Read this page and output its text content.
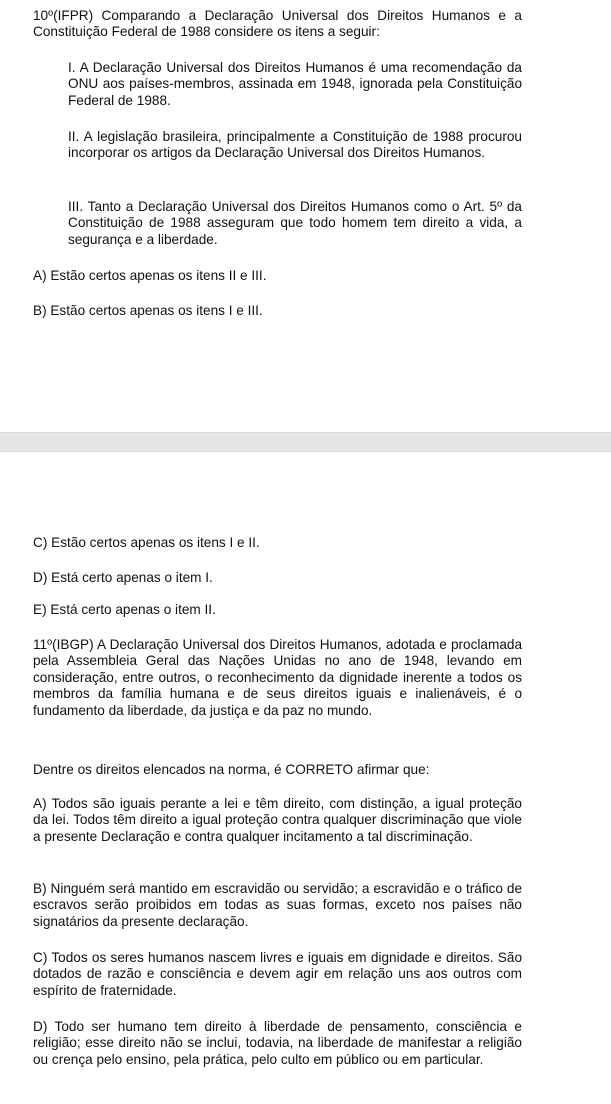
10º(IFPR) Comparando a Declaração Universal dos Direitos Humanos e a Constituição Federal de 1988 considere os itens a seguir:

I. A Declaração Universal dos Direitos Humanos é uma recomendação da ONU aos países-membros, assinada em 1948, ignorada pela Constituição Federal de 1988.

II. A legislação brasileira, principalmente a Constituição de 1988 procurou incorporar os artigos da Declaração Universal dos Direitos Humanos.

III. Tanto a Declaração Universal dos Direitos Humanos como o Art. 5º da Constituição de 1988 asseguram que todo homem tem direito a vida, a segurança e a liberdade.

A) Estão certos apenas os itens II e III.

B) Estão certos apenas os itens I e III.

C) Estão certos apenas os itens I e II.

D) Está certo apenas o item I.

E) Está certo apenas o item II.

11º(IBGP) A Declaração Universal dos Direitos Humanos, adotada e proclamada pela Assembleia Geral das Nações Unidas no ano de 1948, levando em consideração, entre outros, o reconhecimento da dignidade inerente a todos os membros da família humana e de seus direitos iguais e inalienáveis, é o fundamento da liberdade, da justiça e da paz no mundo.

Dentre os direitos elencados na norma, é CORRETO afirmar que:

A) Todos são iguais perante a lei e têm direito, com distinção, a igual proteção da lei. Todos têm direito a igual proteção contra qualquer discriminação que viole a presente Declaração e contra qualquer incitamento a tal discriminação.

B) Ninguém será mantido em escravidão ou servidão; a escravidão e o tráfico de escravos serão proibidos em todas as suas formas, exceto nos países não signatários da presente declaração.

C) Todos os seres humanos nascem livres e iguais em dignidade e direitos. São dotados de razão e consciência e devem agir em relação uns aos outros com espírito de fraternidade.

D) Todo ser humano tem direito à liberdade de pensamento, consciência e religião; esse direito não se inclui, todavia, na liberdade de manifestar a religião ou crença pelo ensino, pela prática, pelo culto em público ou em particular.
